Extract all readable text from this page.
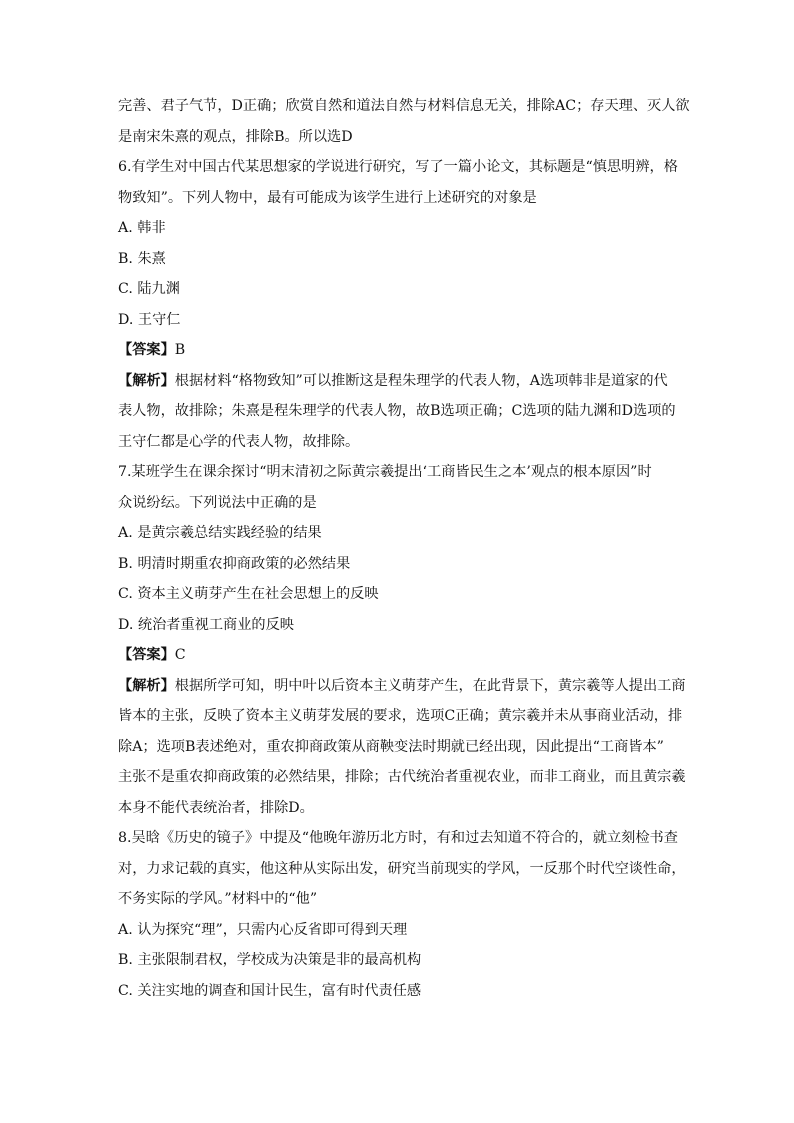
完善、君子气节，D正确；欣赏自然和道法自然与材料信息无关，排除AC；存天理、灭人欲

是南宋朱熹的观点，排除B。所以选D

6.有学生对中国古代某思想家的学说进行研究，写了一篇小论文，其标题是“慎思明辨，格

物致知”。下列人物中，最有可能成为该学生进行上述研究的对象是

A. 韩非

B. 朱熹

C. 陆九渊

D. 王守仁

【答案】B

【解析】根据材料“格物致知”可以推断这是程朱理学的代表人物，A选项韩非是道家的代

表人物，故排除；朱熹是程朱理学的代表人物，故B选项正确；C选项的陆九渊和D选项的

王守仁都是心学的代表人物，故排除。

7.某班学生在课余探讨“明末清初之际黄宗羲提出‘工商皆民生之本’观点的根本原因”时

众说纷纭。下列说法中正确的是

A. 是黄宗羲总结实践经验的结果

B. 明清时期重农抑商政策的必然结果

C. 资本主义萌芽产生在社会思想上的反映

D. 统治者重视工商业的反映

【答案】C

【解析】根据所学可知，明中叶以后资本主义萌芽产生，在此背景下，黄宗羲等人提出工商

皆本的主张，反映了资本主义萌芽发展的要求，选项C正确；黄宗羲并未从事商业活动，排

除A；选项B表述绝对，重农抑商政策从商鞅变法时期就已经出现，因此提出“工商皆本”

主张不是重农抑商政策的必然结果，排除；古代统治者重视农业，而非工商业，而且黄宗羲

本身不能代表统治者，排除D。

8.吴晗《历史的镜子》中提及“他晚年游历北方时，有和过去知道不符合的，就立刻检书查

对，力求记载的真实，他这种从实际出发，研究当前现实的学风，一反那个时代空谈性命，

不务实际的学风。”材料中的“他”

A. 认为探究“理”，只需内心反省即可得到天理

B. 主张限制君权，学校成为决策是非的最高机构

C. 关注实地的调查和国计民生，富有时代责任感
